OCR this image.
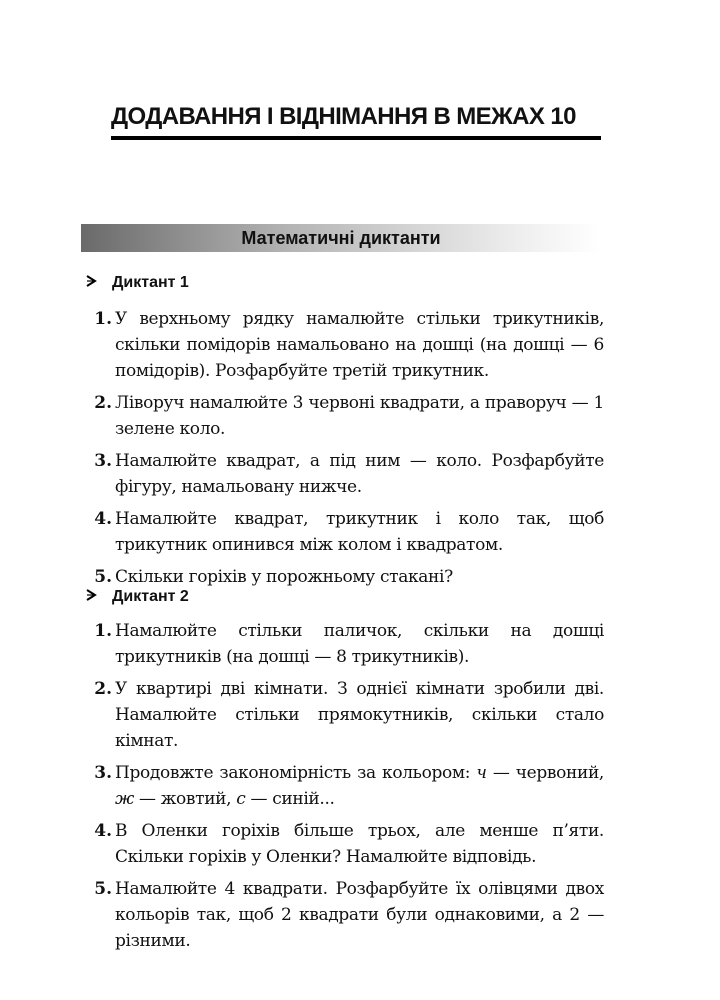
ДОДАВАННЯ І ВІДНІМАННЯ В МЕЖАХ 10
Математичні диктанти
Диктант 1
1. У верхньому рядку намалюйте стільки трикутників, скільки помідорів намальовано на дошці (на дошці — 6 помідорів). Розфарбуйте третій трикутник.
2. Ліворуч намалюйте 3 червоні квадрати, а праворуч — 1 зелене коло.
3. Намалюйте квадрат, а під ним — коло. Розфарбуйте фігуру, намальовану нижче.
4. Намалюйте квадрат, трикутник і коло так, щоб трикутник опинився між колом і квадратом.
5. Скільки горіхів у порожньому стакані?
Диктант 2
1. Намалюйте стільки паличок, скільки на дошці трикутників (на дошці — 8 трикутників).
2. У квартирі дві кімнати. З однієї кімнати зробили дві. Намалюйте стільки прямокутників, скільки стало кімнат.
3. Продовжте закономірність за кольором: ч — червоний, ж — жовтий, с — синій...
4. В Оленки горіхів більше трьох, але менше п’яти. Скільки горіхів у Оленки? Намалюйте відповідь.
5. Намалюйте 4 квадрати. Розфарбуйте їх олівцями двох кольорів так, щоб 2 квадрати були однаковими, а 2 — різними.
